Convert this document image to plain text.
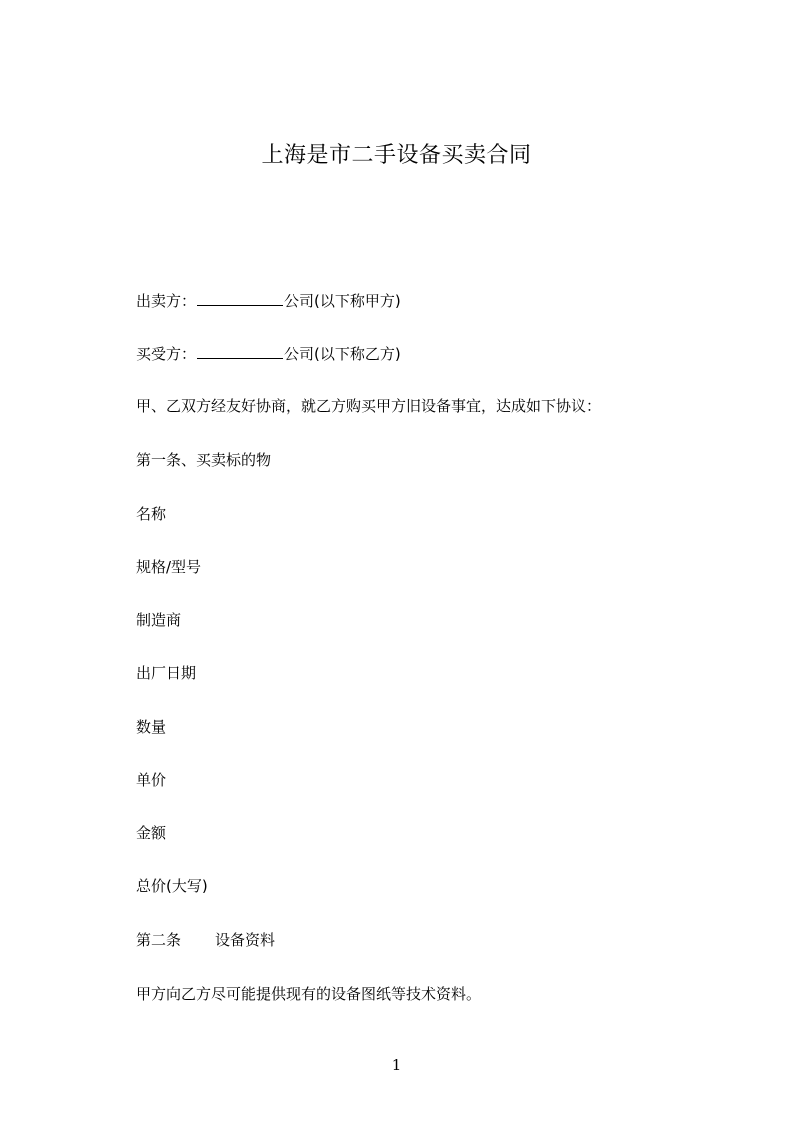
上海是市二手设备买卖合同
出卖方：	公司(以下称甲方)
买受方：	公司(以下称乙方)
甲、乙双方经友好协商，就乙方购买甲方旧设备事宜，达成如下协议：
第一条、买卖标的物
名称
规格/型号
制造商
出厂日期
数量
单价
金额
总价(大写)
第二条 设备资料
甲方向乙方尽可能提供现有的设备图纸等技术资料。
1
